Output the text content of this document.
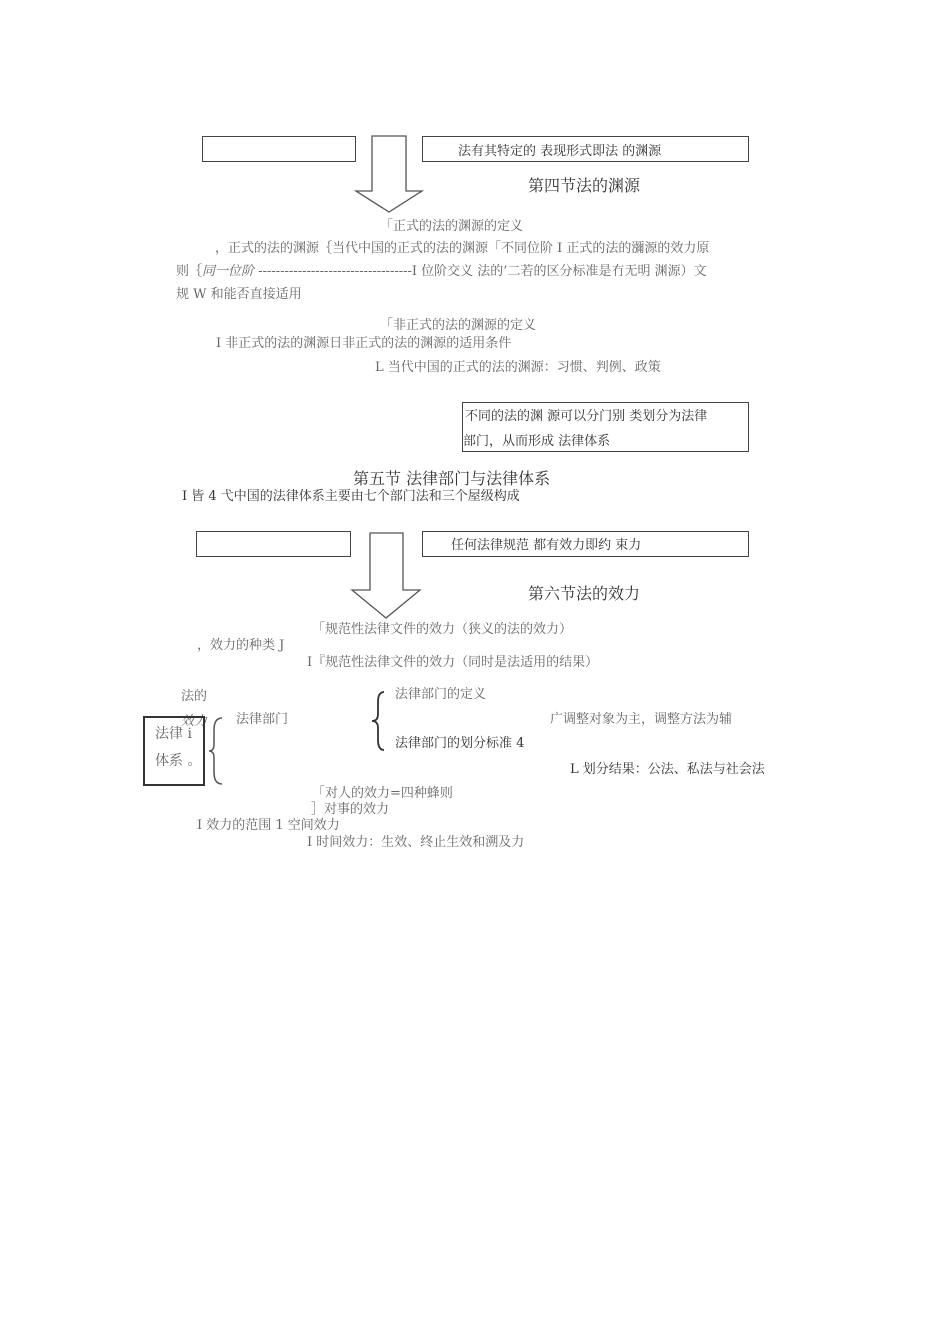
法有其特定的 表现形式即法 的渊源
第四节法的渊源
「正式的法的渊源的定义
，正式的法的渊源｛当代中国的正式的法的渊源「不同位阶 I 正式的法的瀰源的效力原
则｛同一位阶 -----------------------------------I 位阶交义 法的’二若的区分标准是冇无明 渊源）文
规 W 和能否直接适用
「非正式的法的渊源的定义
I 非正式的法的渊源日非正式的法的渊源的适用条件
L 当代中国的正式的法的渊源：习惯、判例、政策
不同的法的渊 源可以分门别 类划分为法律
部门，从而形成 法律体系
第五节 法律部门与法律体系
I 皆 4 弋中国的法律体系主要由七个部门法和三个屋级构成
任何法律规范 都有效力即约 束力
第六节法的效力
「规范性法律文件的效力（狭义的法的效力）
，效力的种类 J
I『规范性法律文件的效力（同时是法适用的结果）
法的
效力
法律 i
体系 。
法律部门
法律部门的定义
法律部门的划分标准 4
广调整对象为主，调整方法为辅
L 划分结果：公法、私法与社会法
「对人的效力=四种蜂则
］对事的效力
I 效力的范围 1 空间效力
I 时间效力：生效、终止生效和溯及力
